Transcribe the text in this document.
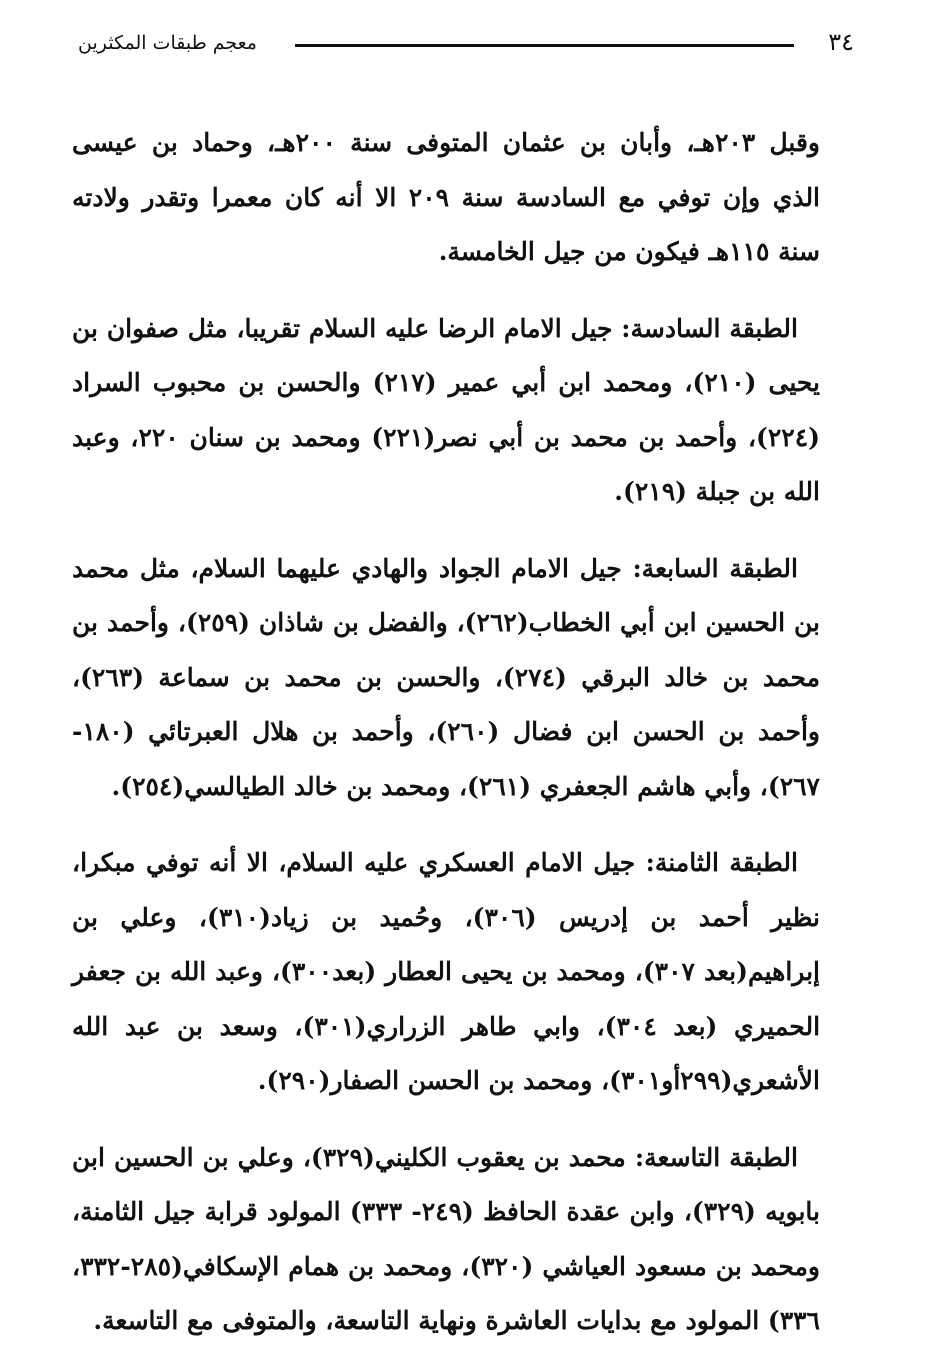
معجم طبقات المكثرين	٣٤

وقبل ٢٠٣هـ، وأبان بن عثمان المتوفى سنة ٢٠٠هـ، وحماد بن عيسى الذي وإن توفي مع السادسة سنة ٢٠٩ الا أنه كان معمرا وتقدر ولادته سنة ١١٥هـ فيكون من جيل الخامسة.

الطبقة السادسة: جيل الامام الرضا عليه السلام تقريبا، مثل صفوان بن يحيى (٢١٠)، ومحمد ابن أبي عمير (٢١٧) والحسن بن محبوب السراد (٢٢٤)، وأحمد بن محمد بن أبي نصر(٢٢١) ومحمد بن سنان ٢٢٠، وعبد الله بن جبلة (٢١٩).

الطبقة السابعة: جيل الامام الجواد والهادي عليهما السلام، مثل محمد بن الحسين ابن أبي الخطاب(٢٦٢)، والفضل بن شاذان (٢٥٩)، وأحمد بن محمد بن خالد البرقي (٢٧٤)، والحسن بن محمد بن سماعة (٢٦٣)، وأحمد بن الحسن ابن فضال (٢٦٠)، وأحمد بن هلال العبرتائي (١٨٠- ٢٦٧)، وأبي هاشم الجعفري (٢٦١)، ومحمد بن خالد الطيالسي(٢٥٤).

الطبقة الثامنة: جيل الامام العسكري عليه السلام، الا أنه توفي مبكرا، نظير أحمد بن إدريس (٣٠٦)، وحُميد بن زياد(٣١٠)، وعلي بن إبراهيم(بعد ٣٠٧)، ومحمد بن يحيى العطار (بعد٣٠٠)، وعبد الله بن جعفر الحميري (بعد ٣٠٤)، وابي طاهر الزراري(٣٠١)، وسعد بن عبد الله الأشعري(٢٩٩أو٣٠١)، ومحمد بن الحسن الصفار(٢٩٠).

الطبقة التاسعة: محمد بن يعقوب الكليني(٣٢٩)، وعلي بن الحسين ابن بابويه (٣٢٩)، وابن عقدة الحافظ (٢٤٩- ٣٣٣) المولود قرابة جيل الثامنة، ومحمد بن مسعود العياشي (٣٢٠)، ومحمد بن همام الإسكافي(٢٨٥-٣٣٢، ٣٣٦) المولود مع بدايات العاشرة ونهاية التاسعة، والمتوفى مع التاسعة.
